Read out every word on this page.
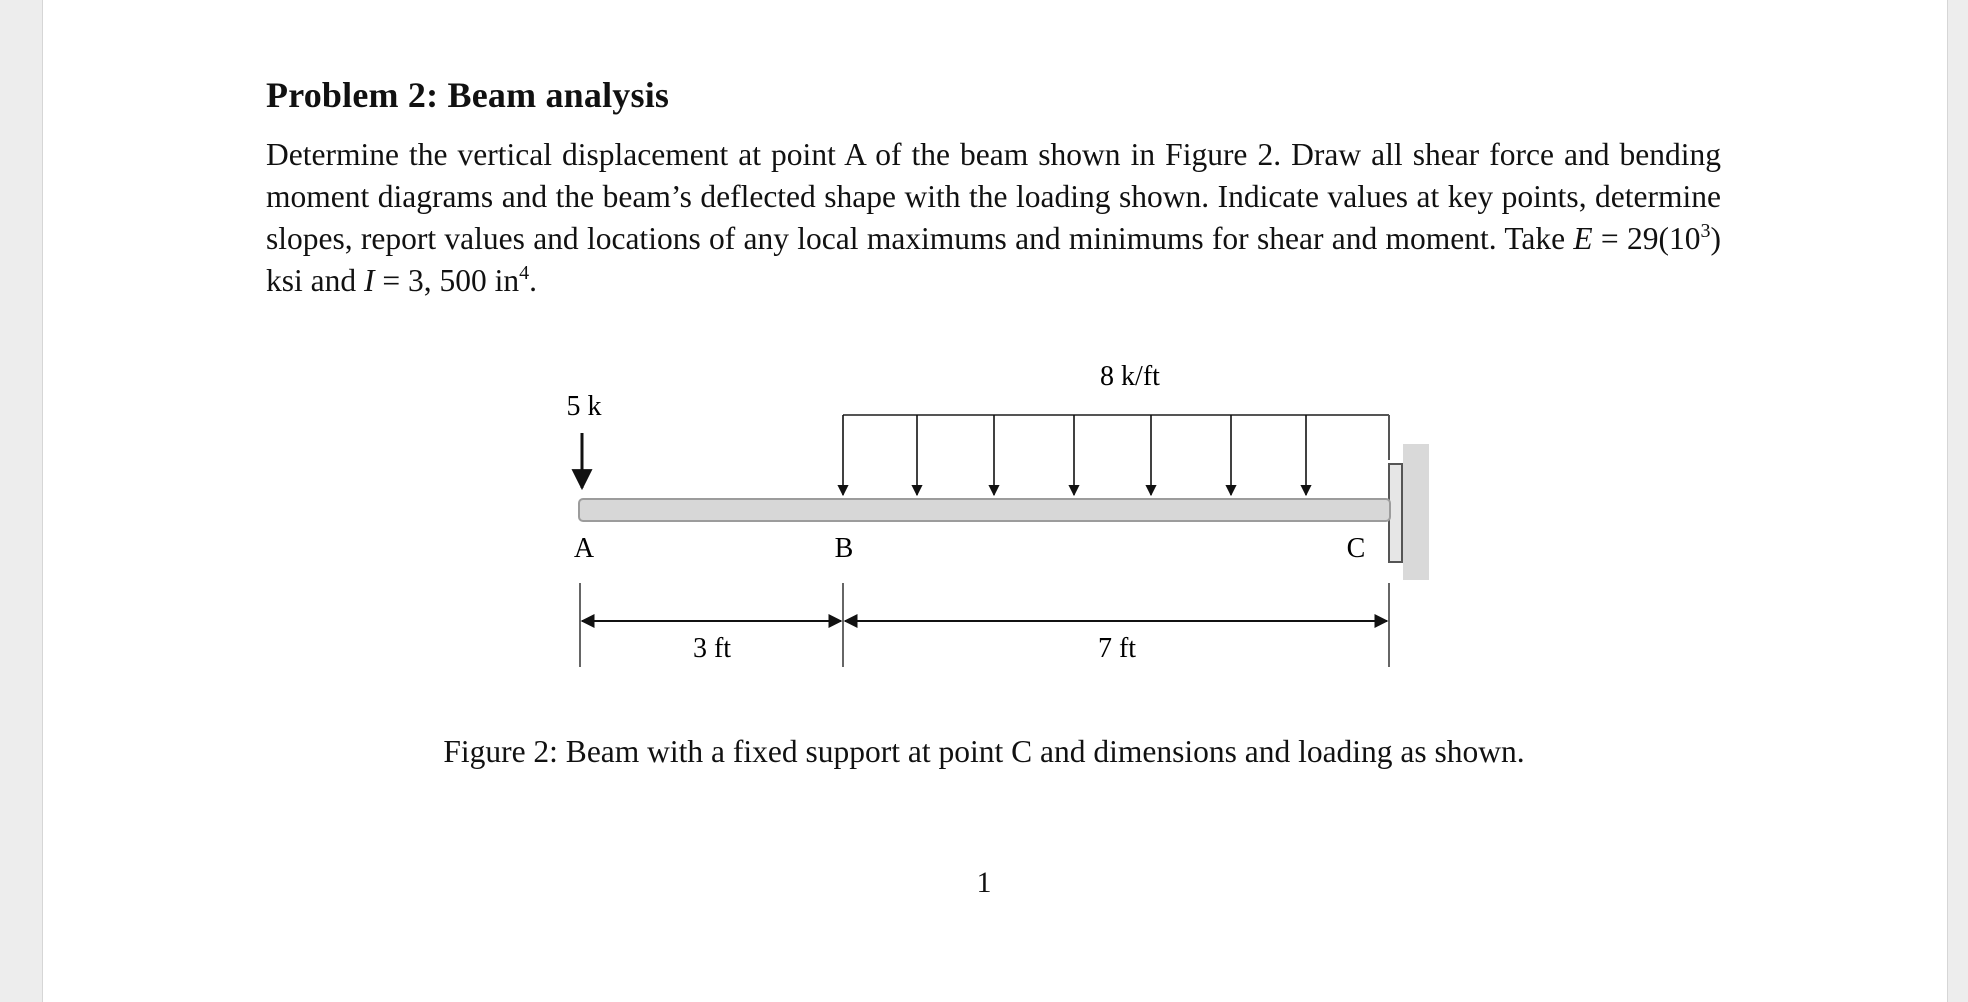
Problem 2: Beam analysis

Determine the vertical displacement at point A of the beam shown in Figure 2. Draw all shear force and bending moment diagrams and the beam’s deflected shape with the loading shown. Indicate values at key points, determine slopes, report values and locations of any local maximums and minimums for shear and moment. Take $E = 29(10^3)$ ksi and I = 3, 500 $in^4$.

5 k
8 k/ft
A	B	C
3 ft	7 ft

Figure 2: Beam with a fixed support at point C and dimensions and loading as shown.

1
